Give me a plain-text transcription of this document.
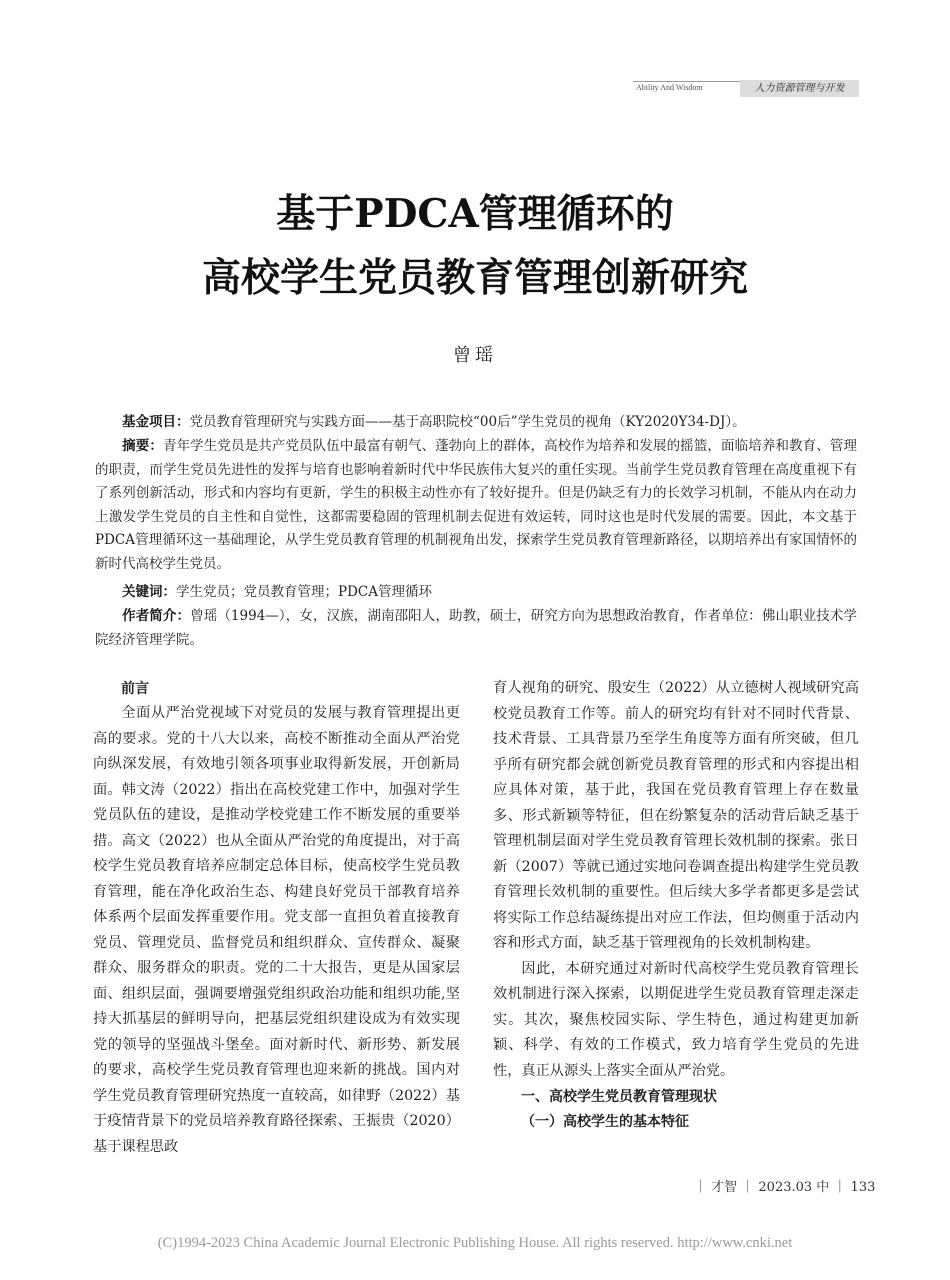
Ability And Wisdom	人力资源管理与开发
基于PDCA管理循环的
高校学生党员教育管理创新研究
曾瑶
基金项目：党员教育管理研究与实践方面——基于高职院校“00后”学生党员的视角（KY2020Y34-DJ）。
摘要：青年学生党员是共产党员队伍中最富有朝气、蓬勃向上的群体，高校作为培养和发展的摇篮，面临培养和教育、管理的职责，而学生党员先进性的发挥与培育也影响着新时代中华民族伟大复兴的重任实现。当前学生党员教育管理在高度重视下有了系列创新活动，形式和内容均有更新，学生的积极主动性亦有了较好提升。但是仍缺乏有力的长效学习机制，不能从内在动力上激发学生党员的自主性和自觉性，这都需要稳固的管理机制去促进有效运转，同时这也是时代发展的需要。因此，本文基于PDCA管理循环这一基础理论，从学生党员教育管理的机制视角出发，探索学生党员教育管理新路径，以期培养出有家国情怀的新时代高校学生党员。
关键词：学生党员；党员教育管理；PDCA管理循环
作者简介：曾瑶（1994—），女，汉族，湖南邵阳人，助教，硕士，研究方向为思想政治教育，作者单位：佛山职业技术学院经济管理学院。

前言

全面从严治党视域下对党员的发展与教育管理提出更高的要求。党的十八大以来，高校不断推动全面从严治党向纵深发展，有效地引领各项事业取得新发展，开创新局面。韩文涛（2022）指出在高校党建工作中，加强对学生党员队伍的建设，是推动学校党建工作不断发展的重要举措。高文（2022）也从全面从严治党的角度提出，对于高校学生党员教育培养应制定总体目标，使高校学生党员教育管理，能在净化政治生态、构建良好党员干部教育培养体系两个层面发挥重要作用。党支部一直担负着直接教育党员、管理党员、监督党员和组织群众、宣传群众、凝聚群众、服务群众的职责。党的二十大报告，更是从国家层面、组织层面，强调要增强党组织政治功能和组织功能,坚持大抓基层的鲜明导向，把基层党组织建设成为有效实现党的领导的坚强战斗堡垒。面对新时代、新形势、新发展的要求，高校学生党员教育管理也迎来新的挑战。国内对学生党员教育管理研究热度一直较高，如律野（2022）基于疫情背景下的党员培养教育路径探索、王振贵（2020）基于课程思政

育人视角的研究、殷安生（2022）从立德树人视域研究高校党员教育工作等。前人的研究均有针对不同时代背景、技术背景、工具背景乃至学生角度等方面有所突破，但几乎所有研究都会就创新党员教育管理的形式和内容提出相应具体对策，基于此，我国在党员教育管理上存在数量多、形式新颖等特征，但在纷繁复杂的活动背后缺乏基于管理机制层面对学生党员教育管理长效机制的探索。张日新（2007）等就已通过实地问卷调查提出构建学生党员教育管理长效机制的重要性。但后续大多学者都更多是尝试将实际工作总结凝练提出对应工作法，但均侧重于活动内容和形式方面，缺乏基于管理视角的长效机制构建。

因此，本研究通过对新时代高校学生党员教育管理长效机制进行深入探索，以期促进学生党员教育管理走深走实。其次，聚焦校园实际、学生特色，通过构建更加新颖、科学、有效的工作模式，致力培育学生党员的先进性，真正从源头上落实全面从严治党。

一、高校学生党员教育管理现状

（一）高校学生的基本特征

｜ 才智 ｜ 2023.03 中 ｜ 133
(C)1994-2023 China Academic Journal Electronic Publishing House. All rights reserved. http://www.cnki.net
